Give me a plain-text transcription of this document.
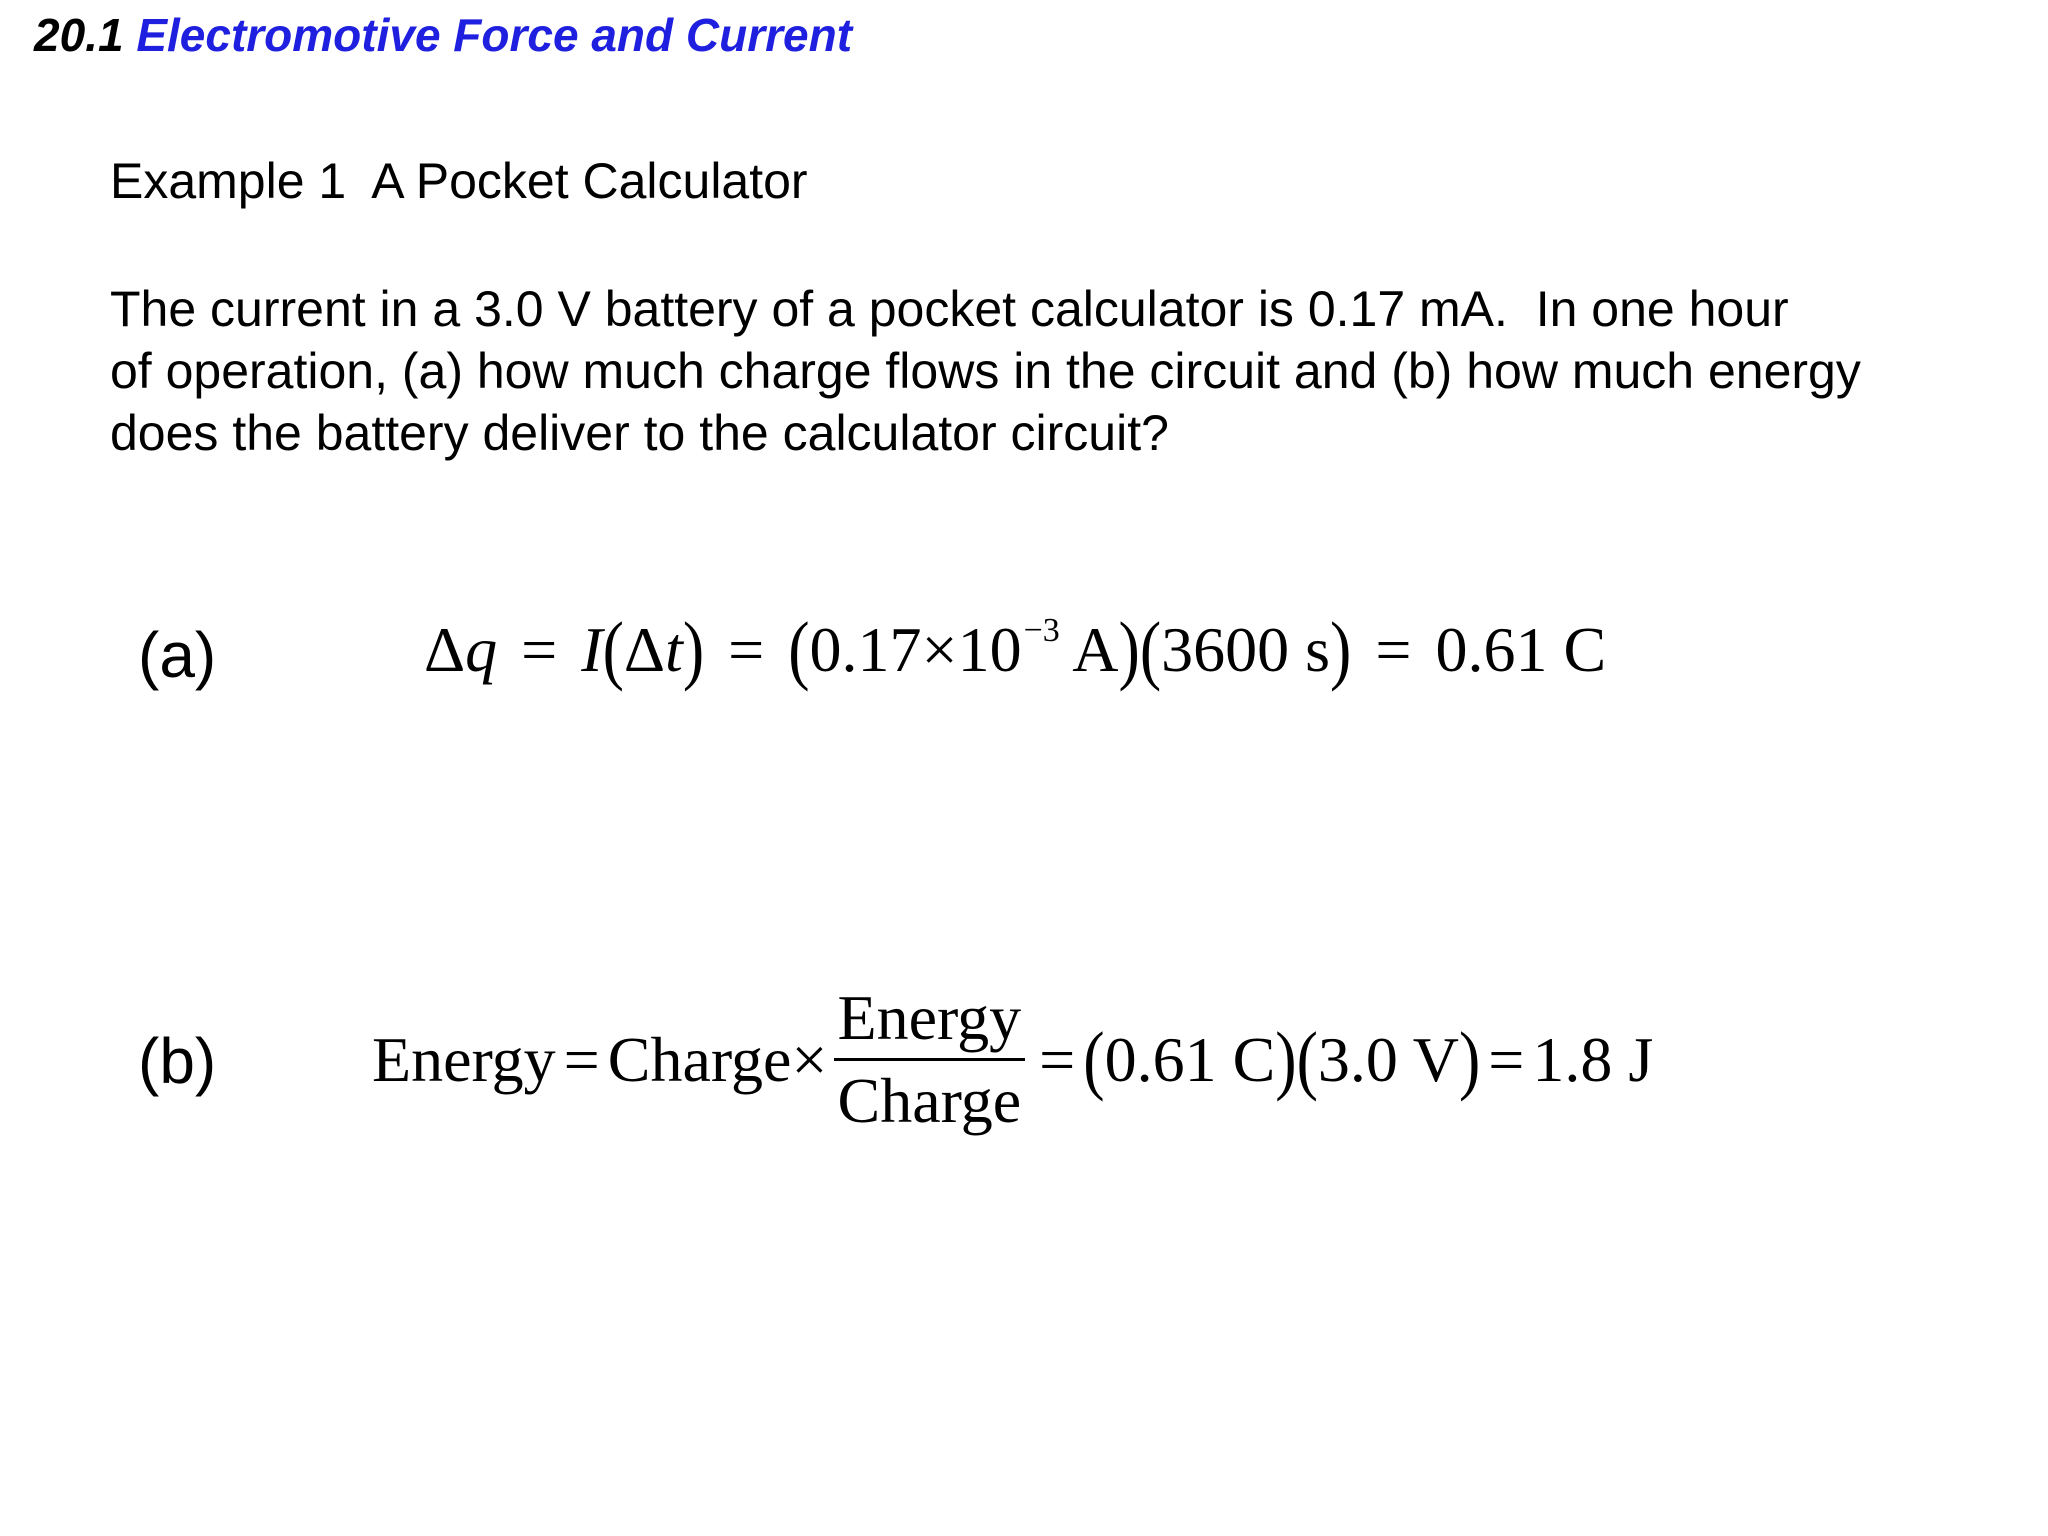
20.1 Electromotive Force and Current
Example 1  A Pocket Calculator
The current in a 3.0 V battery of a pocket calculator is 0.17 mA.  In one hour
of operation, (a) how much charge flows in the circuit and (b) how much energy
does the battery deliver to the calculator circuit?
(a)	$\Delta q = I(\Delta t) = (0.17\times 10^{-3}$ A)(3600 s) = 0.61 C
(b) Energy = Charge × $\frac{\text{Energy}}{\text{Charge}}$ = ( 0.61 C ) ( 3.0 V ) = 1.8 J
